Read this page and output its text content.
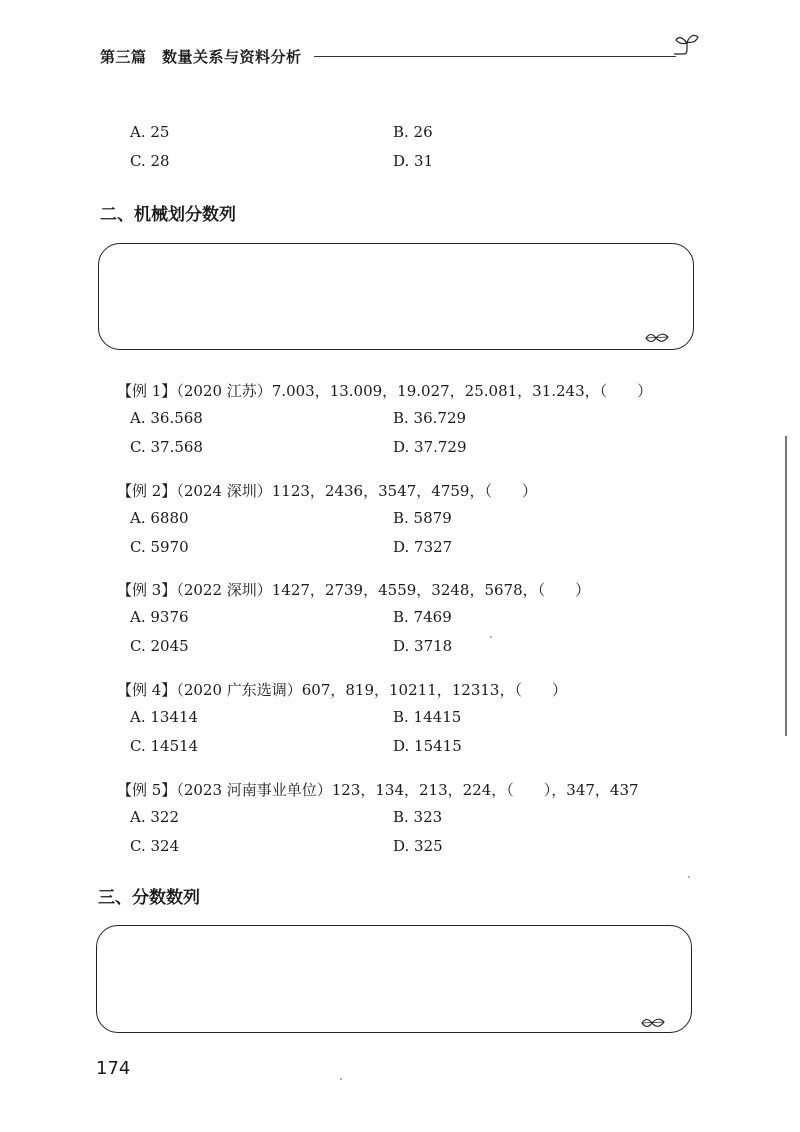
第三篇　数量关系与资料分析
A. 25	B. 26
C. 28	D. 31
二、机械划分数列
【例 1】（2020 江苏）7.003，13.009，19.027，25.081，31.243，（　　）
A. 36.568	B. 36.729
C. 37.568	D. 37.729
【例 2】（2024 深圳）1123，2436，3547，4759，（　　）
A. 6880	B. 5879
C. 5970	D. 7327
【例 3】（2022 深圳）1427，2739，4559，3248，5678，（　　）
A. 9376	B. 7469
C. 2045	D. 3718
【例 4】（2020 广东选调）607，819，10211，12313，（　　）
A. 13414	B. 14415
C. 14514	D. 15415
【例 5】（2023 河南事业单位）123，134，213，224，（　　），347，437
A. 322	B. 323
C. 324	D. 325
三、分数数列
174
